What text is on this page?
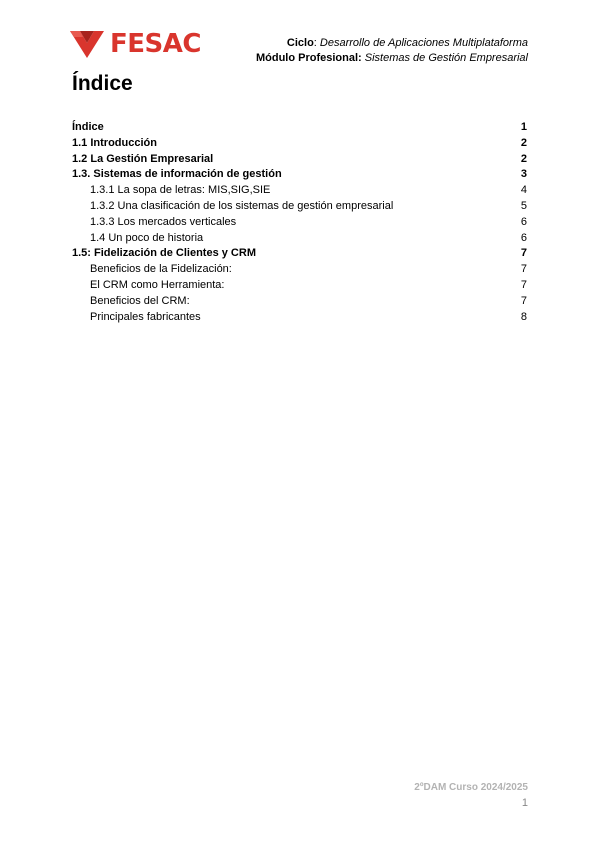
FESAC	Ciclo: Desarrollo de Aplicaciones Multiplataforma
Módulo Profesional: Sistemas de Gestión Empresarial
Índice
Índice	1
1.1 Introducción	2
1.2 La Gestión Empresarial	2
1.3. Sistemas de información de gestión	3
1.3.1 La sopa de letras: MIS,SIG,SIE	4
1.3.2 Una clasificación de los sistemas de gestión empresarial	5
1.3.3 Los mercados verticales	6
1.4 Un poco de historia	6
1.5: Fidelización de Clientes y CRM	7
Beneficios de la Fidelización:	7
El CRM como Herramienta:	7
Beneficios del CRM:	7
Principales fabricantes	8
2ºDAM Curso 2024/2025
1
